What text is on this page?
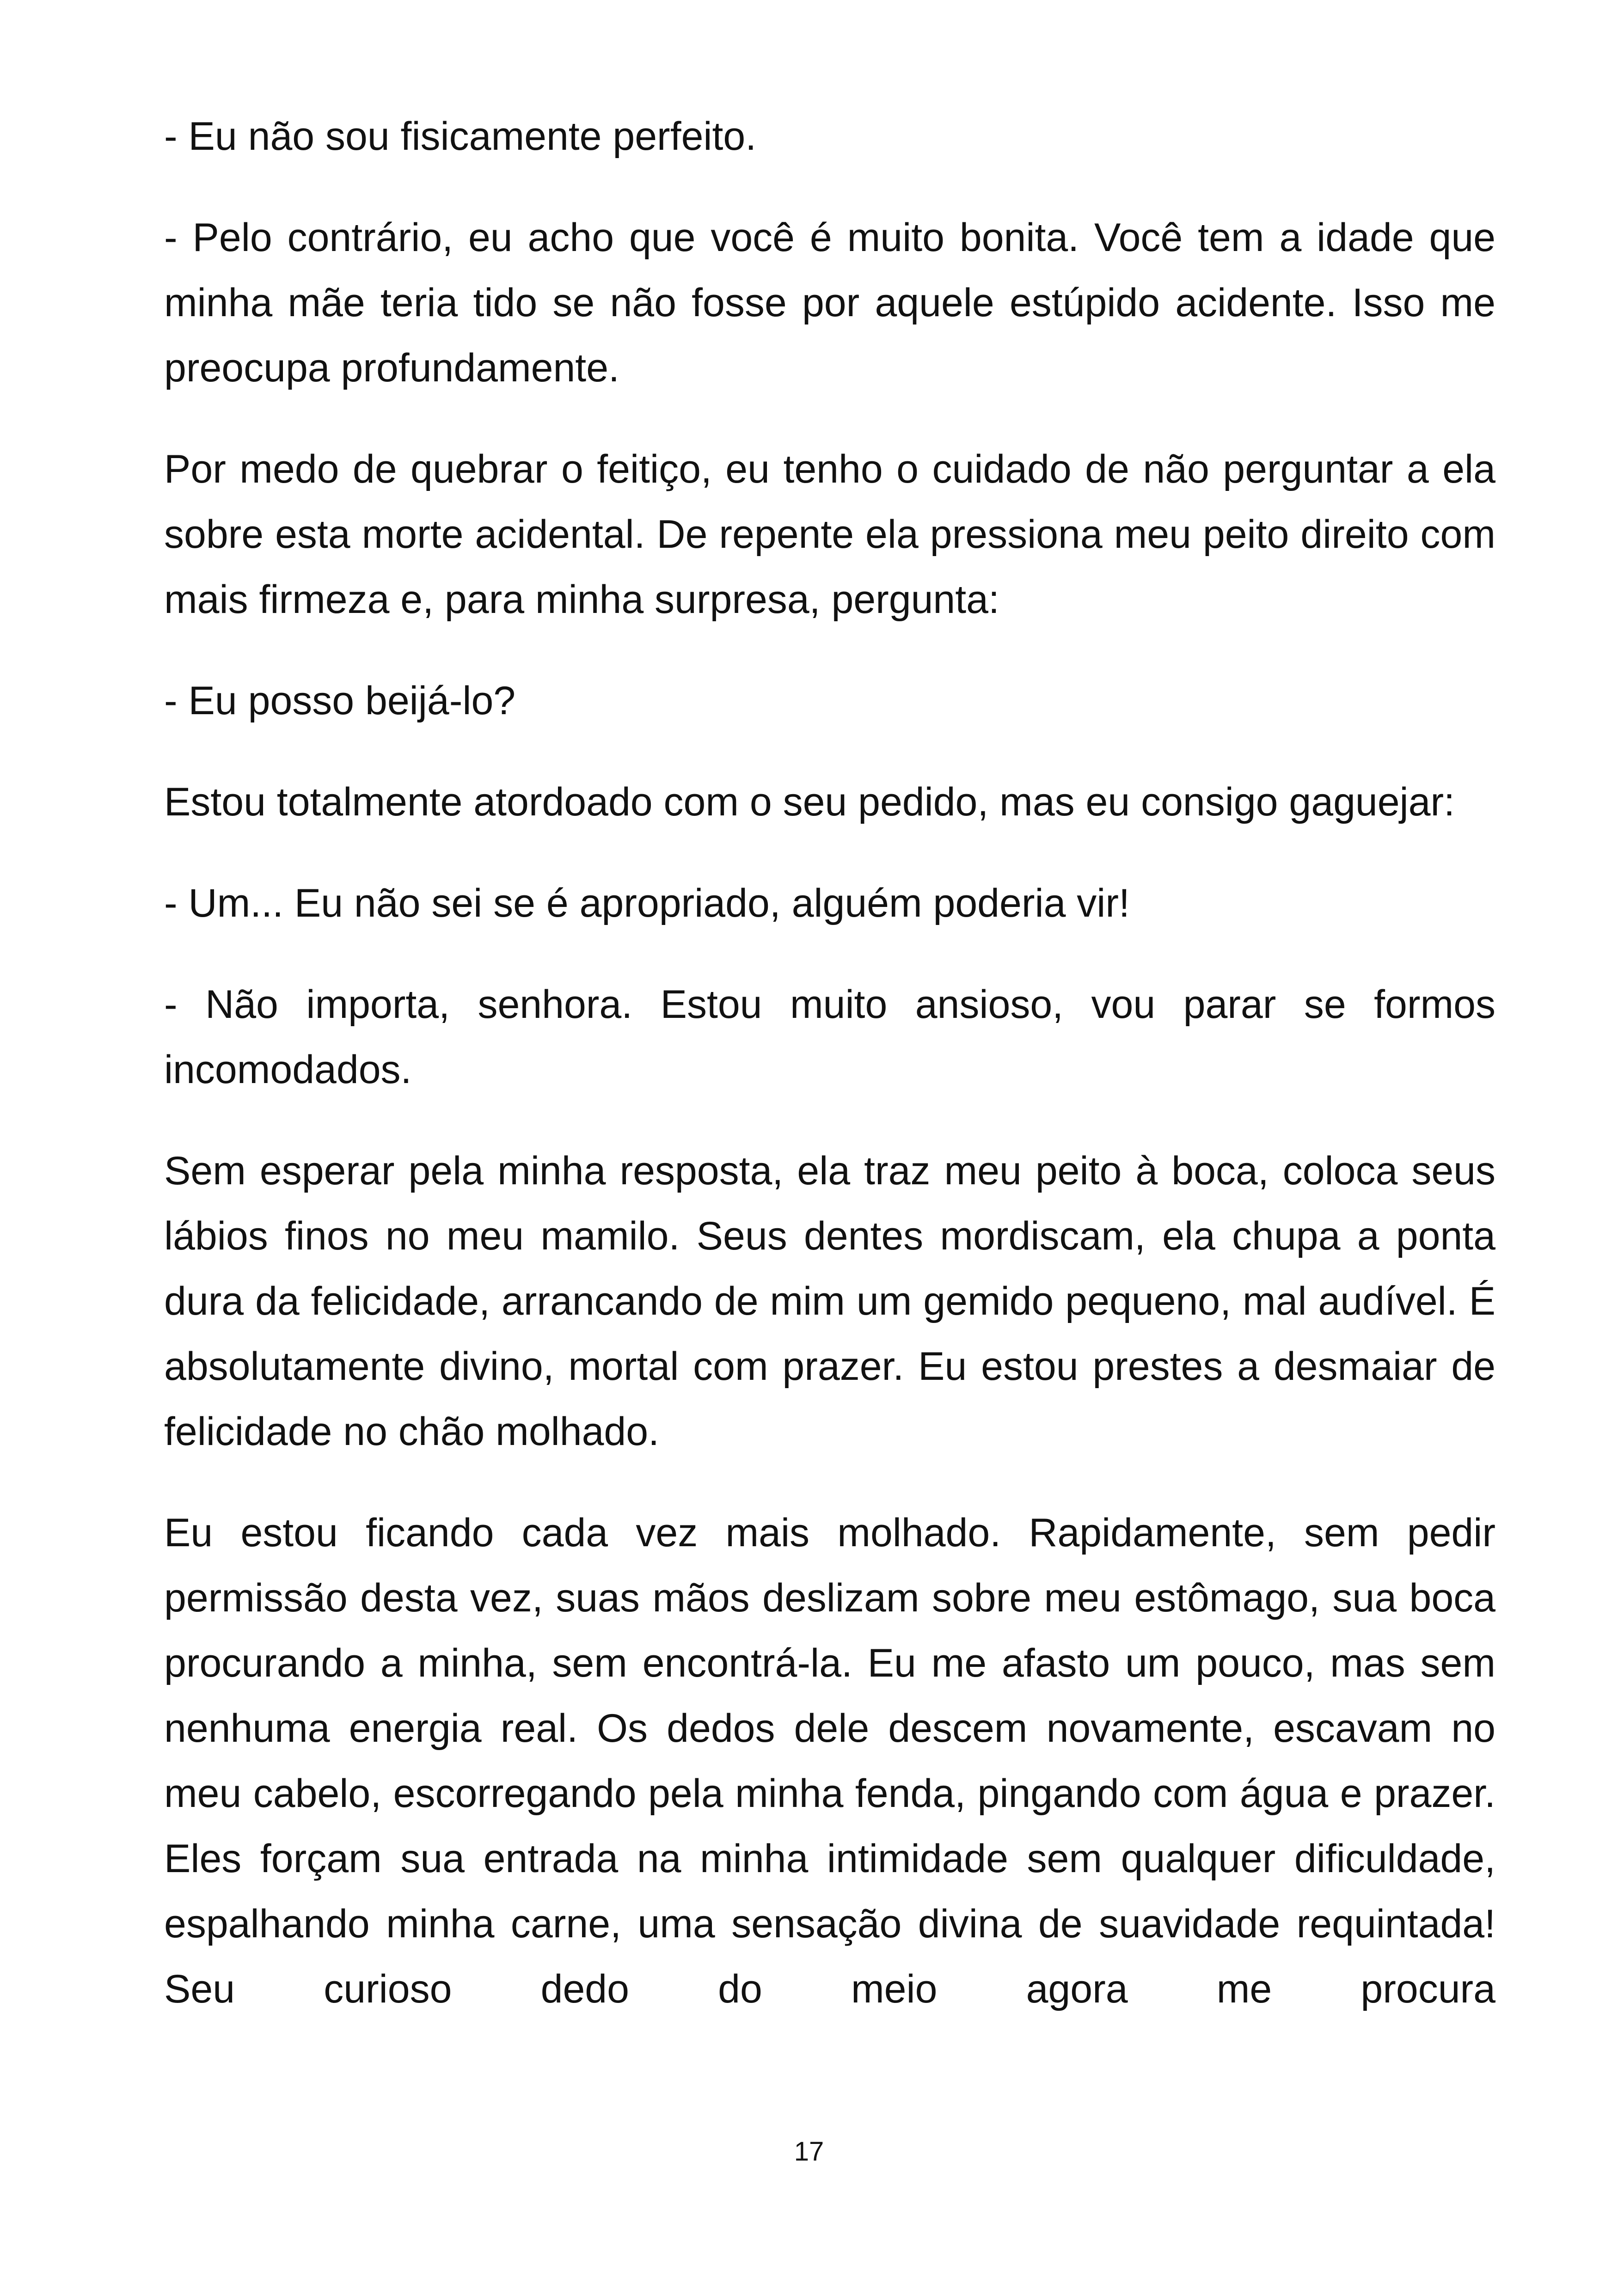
- Eu não sou fisicamente perfeito.

- Pelo contrário, eu acho que você é muito bonita. Você tem a idade que minha mãe teria tido se não fosse por aquele estúpido acidente. Isso me preocupa profundamente.

Por medo de quebrar o feitiço, eu tenho o cuidado de não perguntar a ela sobre esta morte acidental. De repente ela pressiona meu peito direito com mais firmeza e, para minha surpresa, pergunta:

- Eu posso beijá-lo?

Estou totalmente atordoado com o seu pedido, mas eu consigo gaguejar:

- Um... Eu não sei se é apropriado, alguém poderia vir!

- Não importa, senhora. Estou muito ansioso, vou parar se formos incomodados.

Sem esperar pela minha resposta, ela traz meu peito à boca, coloca seus lábios finos no meu mamilo. Seus dentes mordiscam, ela chupa a ponta dura da felicidade, arrancando de mim um gemido pequeno, mal audível. É absolutamente divino, mortal com prazer. Eu estou prestes a desmaiar de felicidade no chão molhado.

Eu estou ficando cada vez mais molhado. Rapidamente, sem pedir permissão desta vez, suas mãos deslizam sobre meu estômago, sua boca procurando a minha, sem encontrá-la. Eu me afasto um pouco, mas sem nenhuma energia real. Os dedos dele descem novamente, escavam no meu cabelo, escorregando pela minha fenda, pingando com água e prazer. Eles forçam sua entrada na minha intimidade sem qualquer dificuldade, espalhando minha carne, uma sensação divina de suavidade requintada! Seu curioso dedo do meio agora me procura

17
